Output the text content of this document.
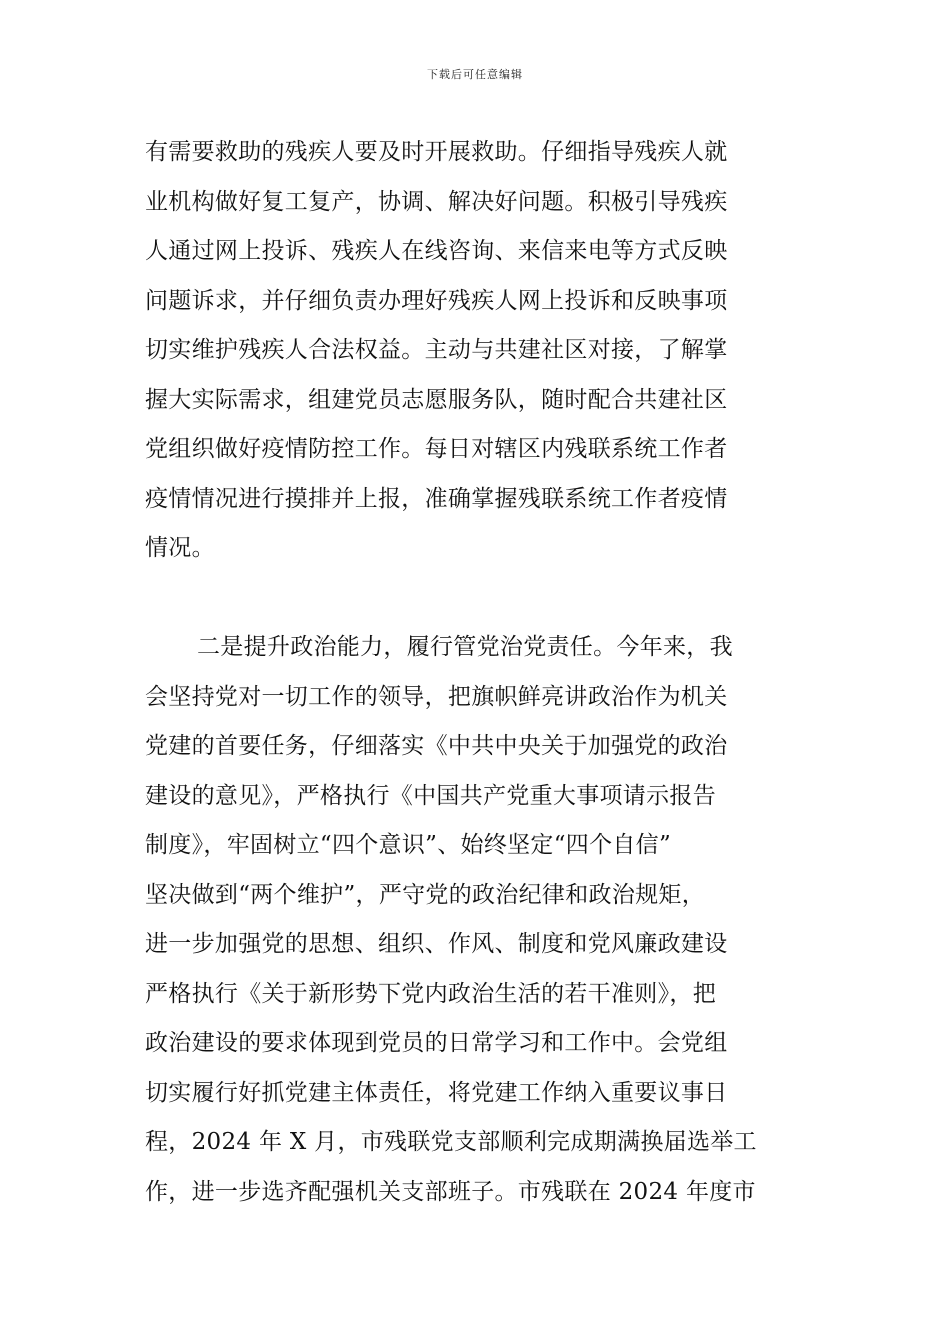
下载后可任意编辑
有需要救助的残疾人要及时开展救助。仔细指导残疾人就
业机构做好复工复产，协调、解决好问题。积极引导残疾
人通过网上投诉、残疾人在线咨询、来信来电等方式反映
问题诉求，并仔细负责办理好残疾人网上投诉和反映事项
切实维护残疾人合法权益。主动与共建社区对接，了解掌
握大实际需求，组建党员志愿服务队，随时配合共建社区
党组织做好疫情防控工作。每日对辖区内残联系统工作者
疫情情况进行摸排并上报，准确掌握残联系统工作者疫情
情况。
二是提升政治能力，履行管党治党责任。今年来，我
会坚持党对一切工作的领导，把旗帜鲜亮讲政治作为机关
党建的首要任务，仔细落实《中共中央关于加强党的政治
建设的意见》，严格执行《中国共产党重大事项请示报告
制度》，牢固树立“四个意识”、始终坚定“四个自信”
坚决做到“两个维护”，严守党的政治纪律和政治规矩，
进一步加强党的思想、组织、作风、制度和党风廉政建设
严格执行《关于新形势下党内政治生活的若干准则》，把
政治建设的要求体现到党员的日常学习和工作中。会党组
切实履行好抓党建主体责任，将党建工作纳入重要议事日
程，2024 年 X 月，市残联党支部顺利完成期满换届选举工
作，进一步选齐配强机关支部班子。市残联在 2024 年度市
